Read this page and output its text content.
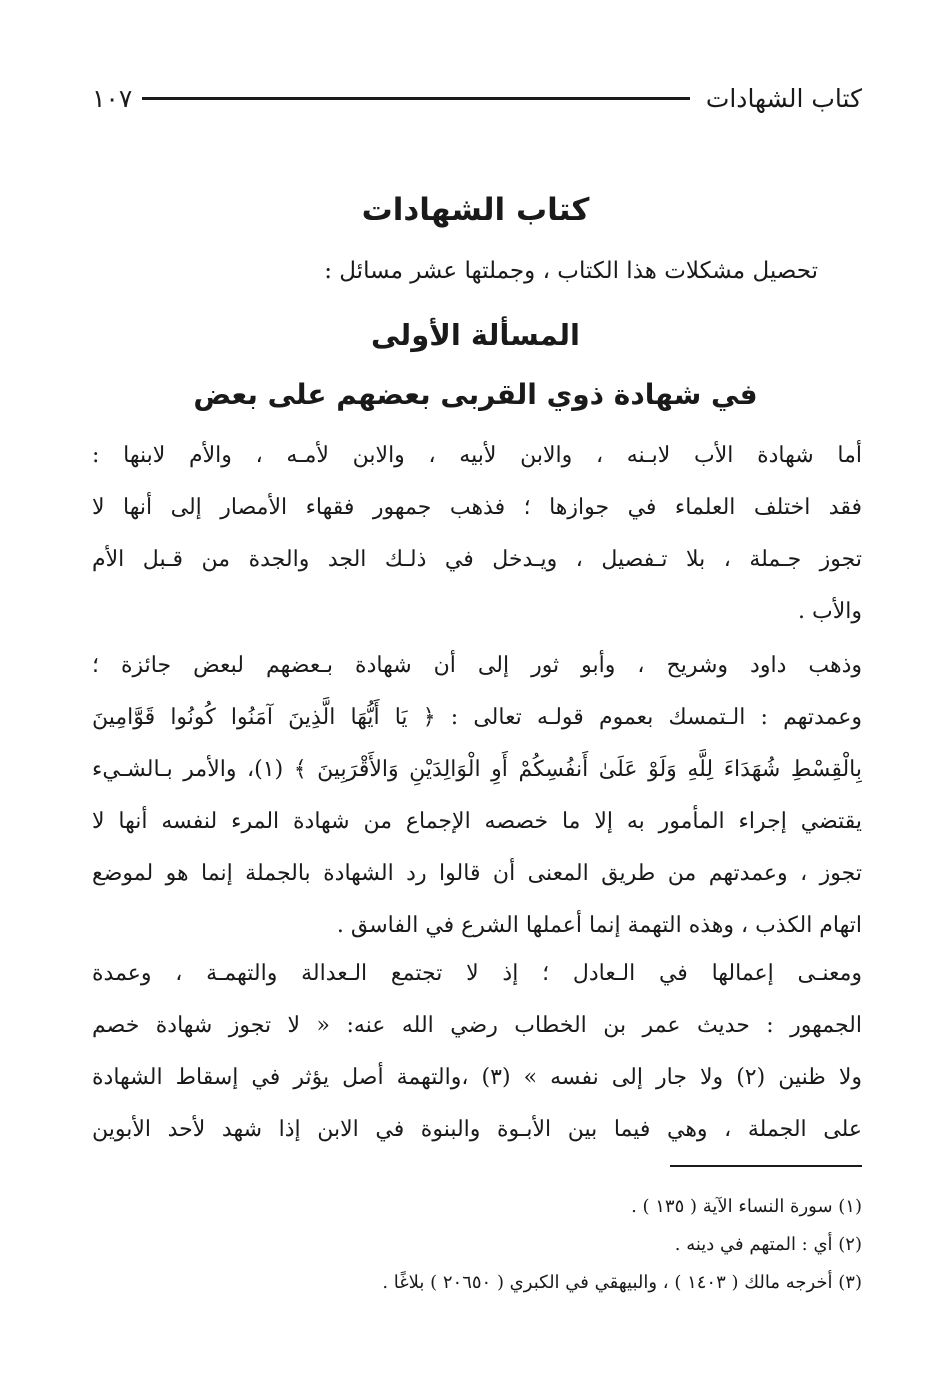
كتاب الشهادات
١٠٧
كتاب الشهادات
تحصيل مشكلات هذا الكتاب ، وجملتها عشر مسائل :
المسألة الأولى
في شهادة ذوي القربى بعضهم على بعض
أما شهادة الأب لابـنه ، والابن لأبيه ، والابن لأمـه ، والأم لابنها :
فقد اختلف العلماء في جوازها ؛ فذهب جمهور فقهاء الأمصار إلى أنها لا
تجوز جـملة ، بلا تـفصيل ، ويـدخل في ذلـك الجد والجدة من قـبل الأم
والأب .
وذهب داود وشريح ، وأبو ثور إلى أن شهادة بـعضهم لبعض جائزة ؛
وعمدتهم : الـتمسك بعموم قولـه تعالى : ﴿ يَا أَيُّهَا الَّذِينَ آمَنُوا كُونُوا قَوَّامِينَ
بِالْقِسْطِ شُهَدَاءَ لِلَّهِ وَلَوْ عَلَىٰ أَنفُسِكُمْ أَوِ الْوَالِدَيْنِ وَالأَقْرَبِينَ ﴾ (١)، والأمر بـالشـيء
يقتضي إجراء المأمور به إلا ما خصصه الإجماع من شهادة المرء لنفسه أنها لا
تجوز ، وعمدتهم من طريق المعنى أن قالوا رد الشهادة بالجملة إنما هو لموضع
اتهام الكذب ، وهذه التهمة إنما أعملها الشرع في الفاسق .
ومعنـى إعمالها في الـعادل ؛ إذ لا تجتمع الـعدالة والتهمـة ، وعمدة
الجمهور : حديث عمر بن الخطاب رضي الله عنه: « لا تجوز شهادة خصم
ولا ظنين (٢) ولا جار إلى نفسه » (٣) ،والتهمة أصل يؤثر في إسقاط الشهادة
على الجملة ، وهي فيما بين الأبـوة والبنوة في الابن إذا شهد لأحد الأبوين
(١) سورة النساء الآية ( ١٣٥ ) .
(٢) أي : المتهم في دينه .
(٣) أخرجه مالك ( ١٤٠٣ ) ، والبيهقي في الكبري ( ٢٠٦٥٠ ) بلاغًا .
